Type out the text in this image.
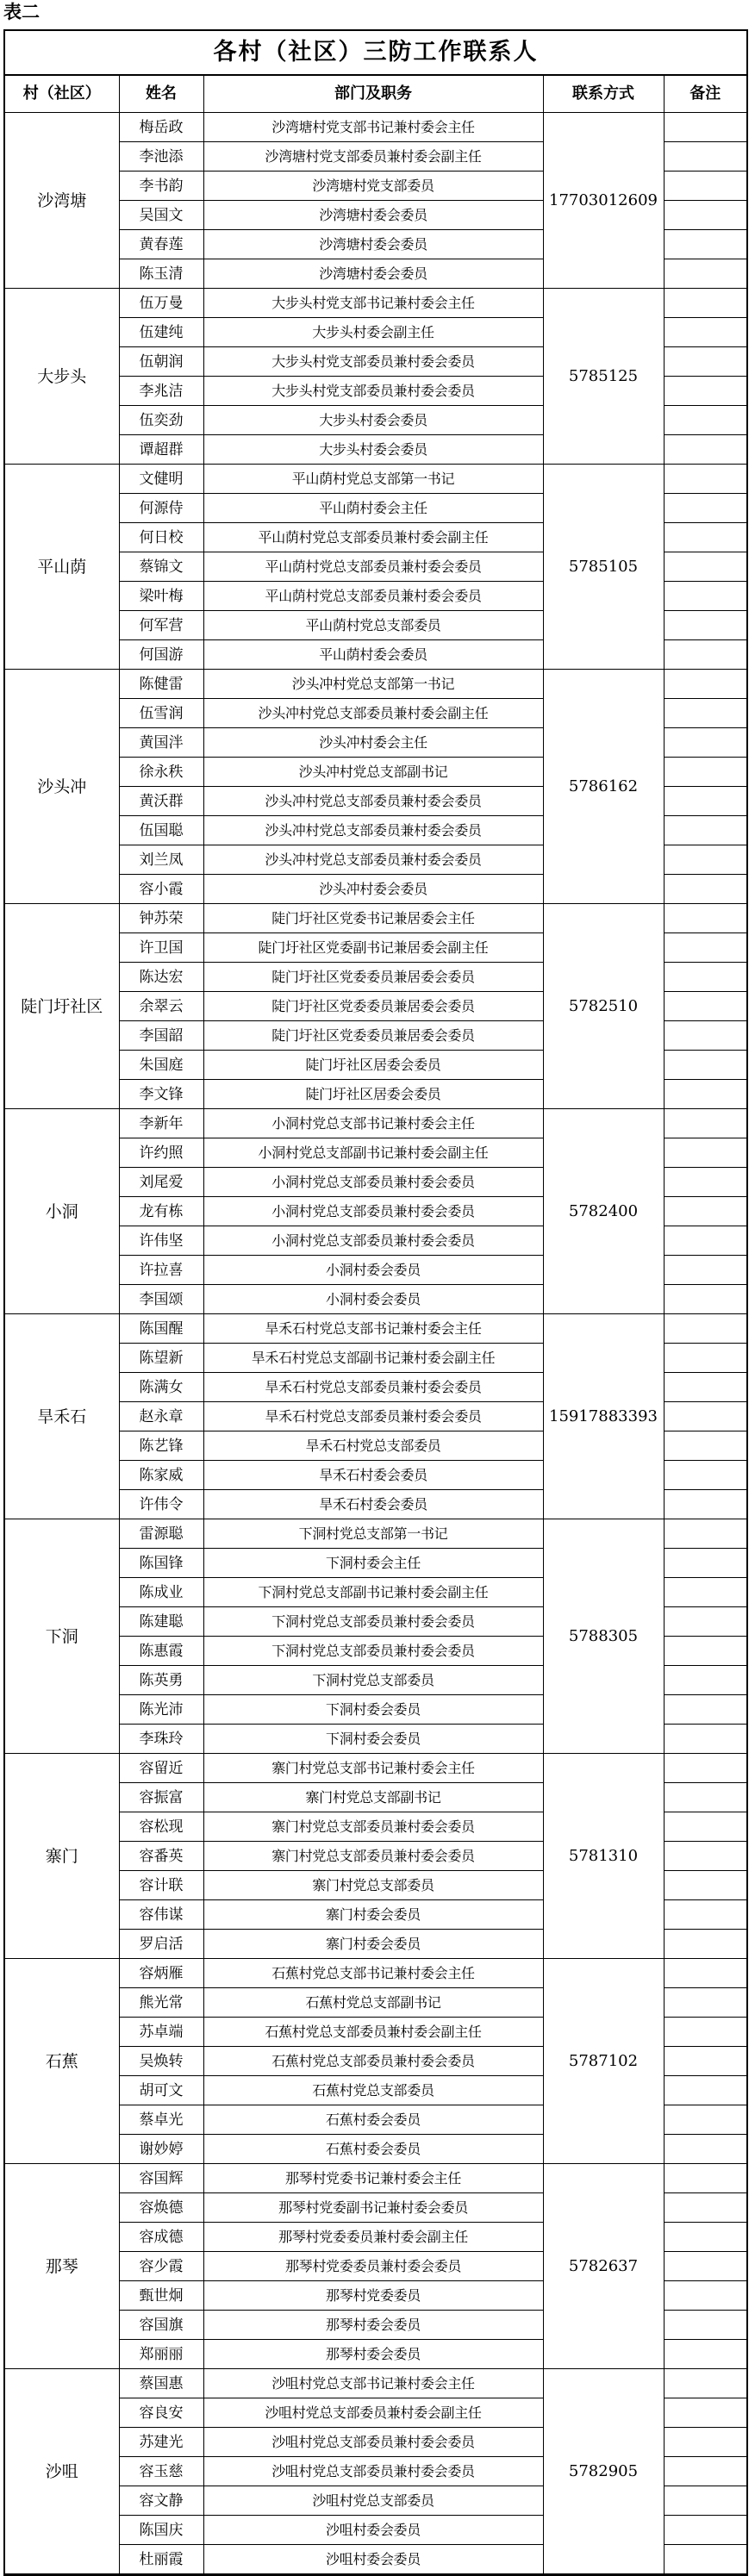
表二
各村（社区）三防工作联系人
村（社区）	姓名	部门及职务	联系方式	备注
沙湾塘	梅岳政	沙湾塘村党支部书记兼村委会主任	17703012609	
	李池添	沙湾塘村党支部委员兼村委会副主任		
	李书韵	沙湾塘村党支部委员		
	吴国文	沙湾塘村委会委员		
	黄春莲	沙湾塘村委会委员		
	陈玉清	沙湾塘村委会委员		
大步头	伍万曼	大步头村党支部书记兼村委会主任	5785125	
	伍建纯	大步头村委会副主任		
	伍朝润	大步头村党支部委员兼村委会委员		
	李兆洁	大步头村党支部委员兼村委会委员		
	伍奕劲	大步头村委会委员		
	谭超群	大步头村委会委员		
平山荫	文健明	平山荫村党总支部第一书记	5785105	
	何源侍	平山荫村委会主任		
	何日校	平山荫村党总支部委员兼村委会副主任		
	蔡锦文	平山荫村党总支部委员兼村委会委员		
	梁叶梅	平山荫村党总支部委员兼村委会委员		
	何军营	平山荫村党总支部委员		
	何国游	平山荫村委会委员		
沙头冲	陈健雷	沙头冲村党总支部第一书记	5786162	
	伍雪润	沙头冲村党总支部委员兼村委会副主任		
	黄国泮	沙头冲村委会主任		
	徐永秩	沙头冲村党总支部副书记		
	黄沃群	沙头冲村党总支部委员兼村委会委员		
	伍国聪	沙头冲村党总支部委员兼村委会委员		
	刘兰凤	沙头冲村党总支部委员兼村委会委员		
	容小霞	沙头冲村委会委员		
陡门圩社区	钟苏荣	陡门圩社区党委书记兼居委会主任	5782510	
	许卫国	陡门圩社区党委副书记兼居委会副主任		
	陈达宏	陡门圩社区党委委员兼居委会委员		
	余翠云	陡门圩社区党委委员兼居委会委员		
	李国韶	陡门圩社区党委委员兼居委会委员		
	朱国庭	陡门圩社区居委会委员		
	李文锋	陡门圩社区居委会委员		
小洞	李新年	小洞村党总支部书记兼村委会主任	5782400	
	许约照	小洞村党总支部副书记兼村委会副主任		
	刘尾爱	小洞村党总支部委员兼村委会委员		
	龙有栋	小洞村党总支部委员兼村委会委员		
	许伟坚	小洞村党总支部委员兼村委会委员		
	许拉喜	小洞村委会委员		
	李国颂	小洞村委会委员		
旱禾石	陈国醒	旱禾石村党总支部书记兼村委会主任	15917883393	
	陈望新	旱禾石村党总支部副书记兼村委会副主任		
	陈满女	旱禾石村党总支部委员兼村委会委员		
	赵永章	旱禾石村党总支部委员兼村委会委员		
	陈艺锋	旱禾石村党总支部委员		
	陈家威	旱禾石村委会委员		
	许伟令	旱禾石村委会委员		
下洞	雷源聪	下洞村党总支部第一书记	5788305	
	陈国锋	下洞村委会主任		
	陈成业	下洞村党总支部副书记兼村委会副主任		
	陈建聪	下洞村党总支部委员兼村委会委员		
	陈惠霞	下洞村党总支部委员兼村委会委员		
	陈英勇	下洞村党总支部委员		
	陈光沛	下洞村委会委员		
	李珠玲	下洞村委会委员		
寨门	容留近	寨门村党总支部书记兼村委会主任	5781310	
	容振富	寨门村党总支部副书记		
	容松现	寨门村党总支部委员兼村委会委员		
	容番英	寨门村党总支部委员兼村委会委员		
	容计联	寨门村党总支部委员		
	容伟谋	寨门村委会委员		
	罗启活	寨门村委会委员		
石蕉	容炳雁	石蕉村党总支部书记兼村委会主任	5787102	
	熊光常	石蕉村党总支部副书记		
	苏卓端	石蕉村党总支部委员兼村委会副主任		
	吴焕转	石蕉村党总支部委员兼村委会委员		
	胡可文	石蕉村党总支部委员		
	蔡卓光	石蕉村委会委员		
	谢妙婷	石蕉村委会委员		
那琴	容国辉	那琴村党委书记兼村委会主任	5782637	
	容焕德	那琴村党委副书记兼村委会委员		
	容成德	那琴村党委委员兼村委会副主任		
	容少霞	那琴村党委委员兼村委会委员		
	甄世炯	那琴村党委委员		
	容国旗	那琴村委会委员		
	郑丽丽	那琴村委会委员		
沙咀	蔡国惠	沙咀村党总支部书记兼村委会主任	5782905	
	容良安	沙咀村党总支部委员兼村委会副主任		
	苏建光	沙咀村党总支部委员兼村委会委员		
	容玉慈	沙咀村党总支部委员兼村委会委员		
	容文静	沙咀村党总支部委员		
	陈国庆	沙咀村委会委员		
	杜丽霞	沙咀村委会委员		
